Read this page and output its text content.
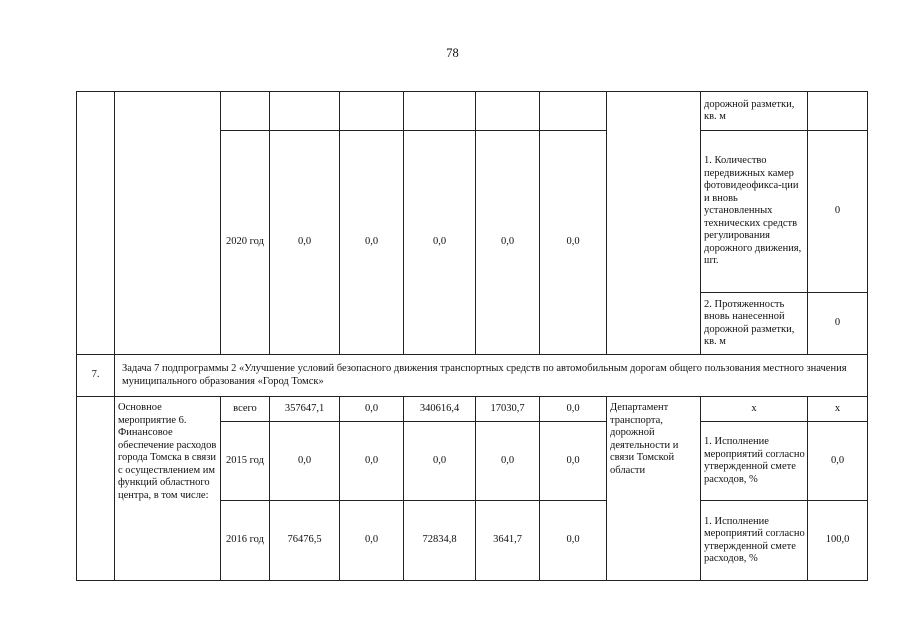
78
									дорожной разметки, кв. м	
		2020 год	0,0	0,0	0,0	0,0	0,0		1. Количество передвижных камер фотовидеофикса-ции и вновь установленных технических средств регулирования дорожного движения, шт.	0
									2. Протяженность вновь нанесенной дорожной разметки, кв. м	0
7.	Задача 7 подпрограммы 2 «Улучшение условий безопасного движения транспортных средств по автомобильным дорогам общего пользования местного значения муниципального образования «Город Томск»									
	Основное мероприятие 6. Финансовое обеспечение расходов города Томска в связи с осуществлением им функций областного центра, в том числе:	всего	357647,1	0,0	340616,4	17030,7	0,0	Департамент транспорта, дорожной деятельности и связи Томской области	x	x
		2015 год	0,0	0,0	0,0	0,0	0,0		1. Исполнение мероприятий согласно утвержденной смете расходов, %	0,0
		2016 год	76476,5	0,0	72834,8	3641,7	0,0		1. Исполнение мероприятий согласно утвержденной смете расходов, %	100,0
